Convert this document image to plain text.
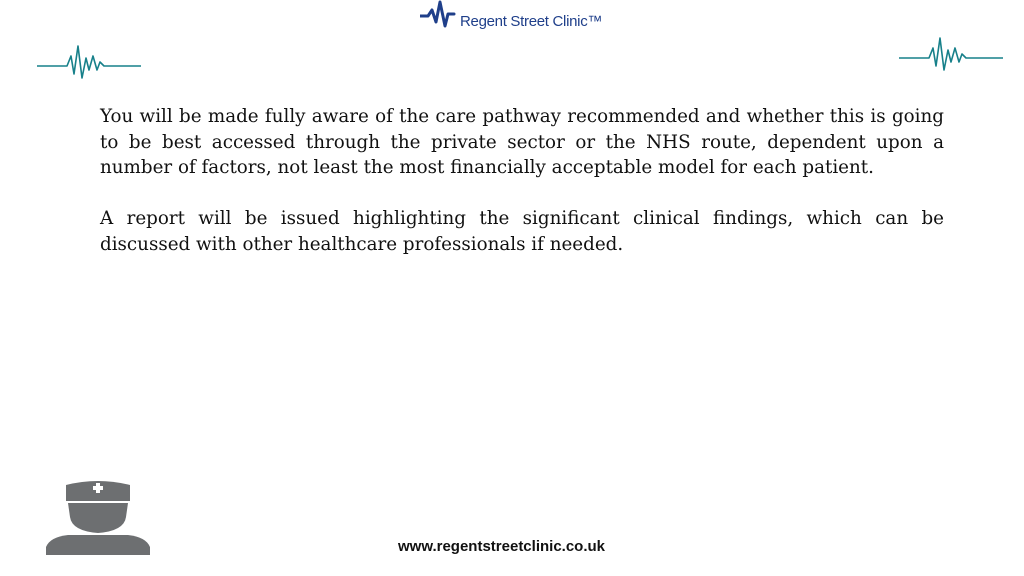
Regent Street Clinic™

You will be made fully aware of the care pathway recommended and whether this is going to be best accessed through the private sector or the NHS route, dependent upon a number of factors, not least the most financially acceptable model for each patient.

A report will be issued highlighting the significant clinical findings, which can be discussed with other healthcare professionals if needed.

www.regentstreetclinic.co.uk
